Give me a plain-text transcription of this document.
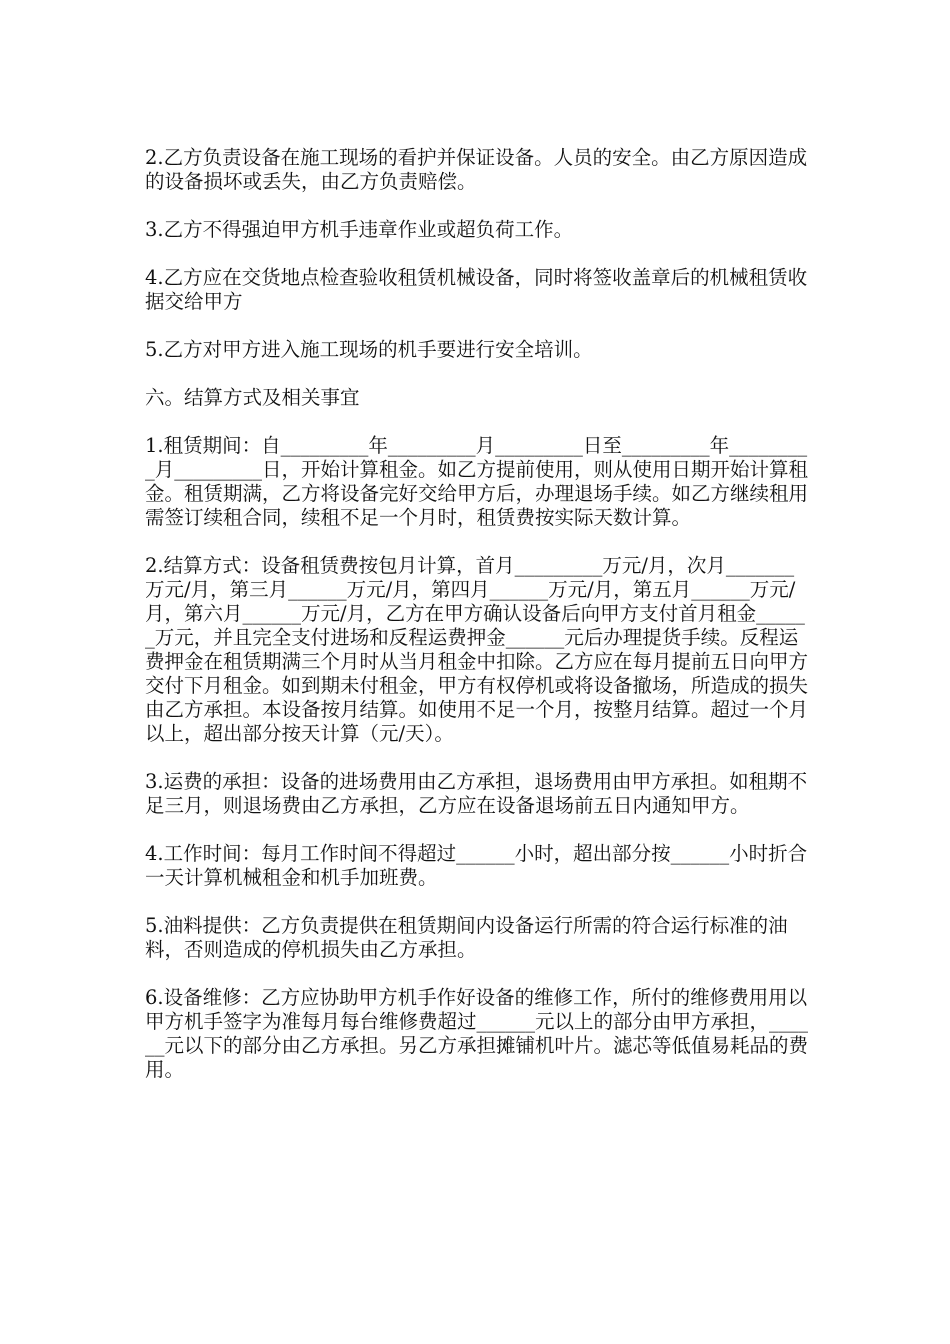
2.乙方负责设备在施工现场的看护并保证设备。人员的安全。由乙方原因造成的设备损坏或丢失，由乙方负责赔偿。

3.乙方不得强迫甲方机手违章作业或超负荷工作。

4.乙方应在交货地点检查验收租赁机械设备，同时将签收盖章后的机械租赁收据交给甲方

5.乙方对甲方进入施工现场的机手要进行安全培训。

六。结算方式及相关事宜

1.租赁期间：自_________年_________月_________日至_________年_________月_________日，开始计算租金。如乙方提前使用，则从使用日期开始计算租金。租赁期满，乙方将设备完好交给甲方后，办理退场手续。如乙方继续租用需签订续租合同，续租不足一个月时，租赁费按实际天数计算。

2.结算方式：设备租赁费按包月计算，首月_________万元/月，次月_______万元/月，第三月______万元/月，第四月______万元/月，第五月______万元/月，第六月______万元/月，乙方在甲方确认设备后向甲方支付首月租金______万元，并且完全支付进场和反程运费押金______元后办理提货手续。反程运费押金在租赁期满三个月时从当月租金中扣除。乙方应在每月提前五日向甲方交付下月租金。如到期未付租金，甲方有权停机或将设备撤场，所造成的损失由乙方承担。本设备按月结算。如使用不足一个月，按整月结算。超过一个月以上，超出部分按天计算（元/天）。

3.运费的承担：设备的进场费用由乙方承担，退场费用由甲方承担。如租期不足三月，则退场费由乙方承担，乙方应在设备退场前五日内通知甲方。

4.工作时间：每月工作时间不得超过______小时，超出部分按______小时折合一天计算机械租金和机手加班费。

5.油料提供：乙方负责提供在租赁期间内设备运行所需的符合运行标准的油料，否则造成的停机损失由乙方承担。

6.设备维修：乙方应协助甲方机手作好设备的维修工作，所付的维修费用用以甲方机手签字为准每月每台维修费超过______元以上的部分由甲方承担，______元以下的部分由乙方承担。另乙方承担摊铺机叶片。滤芯等低值易耗品的费用。
